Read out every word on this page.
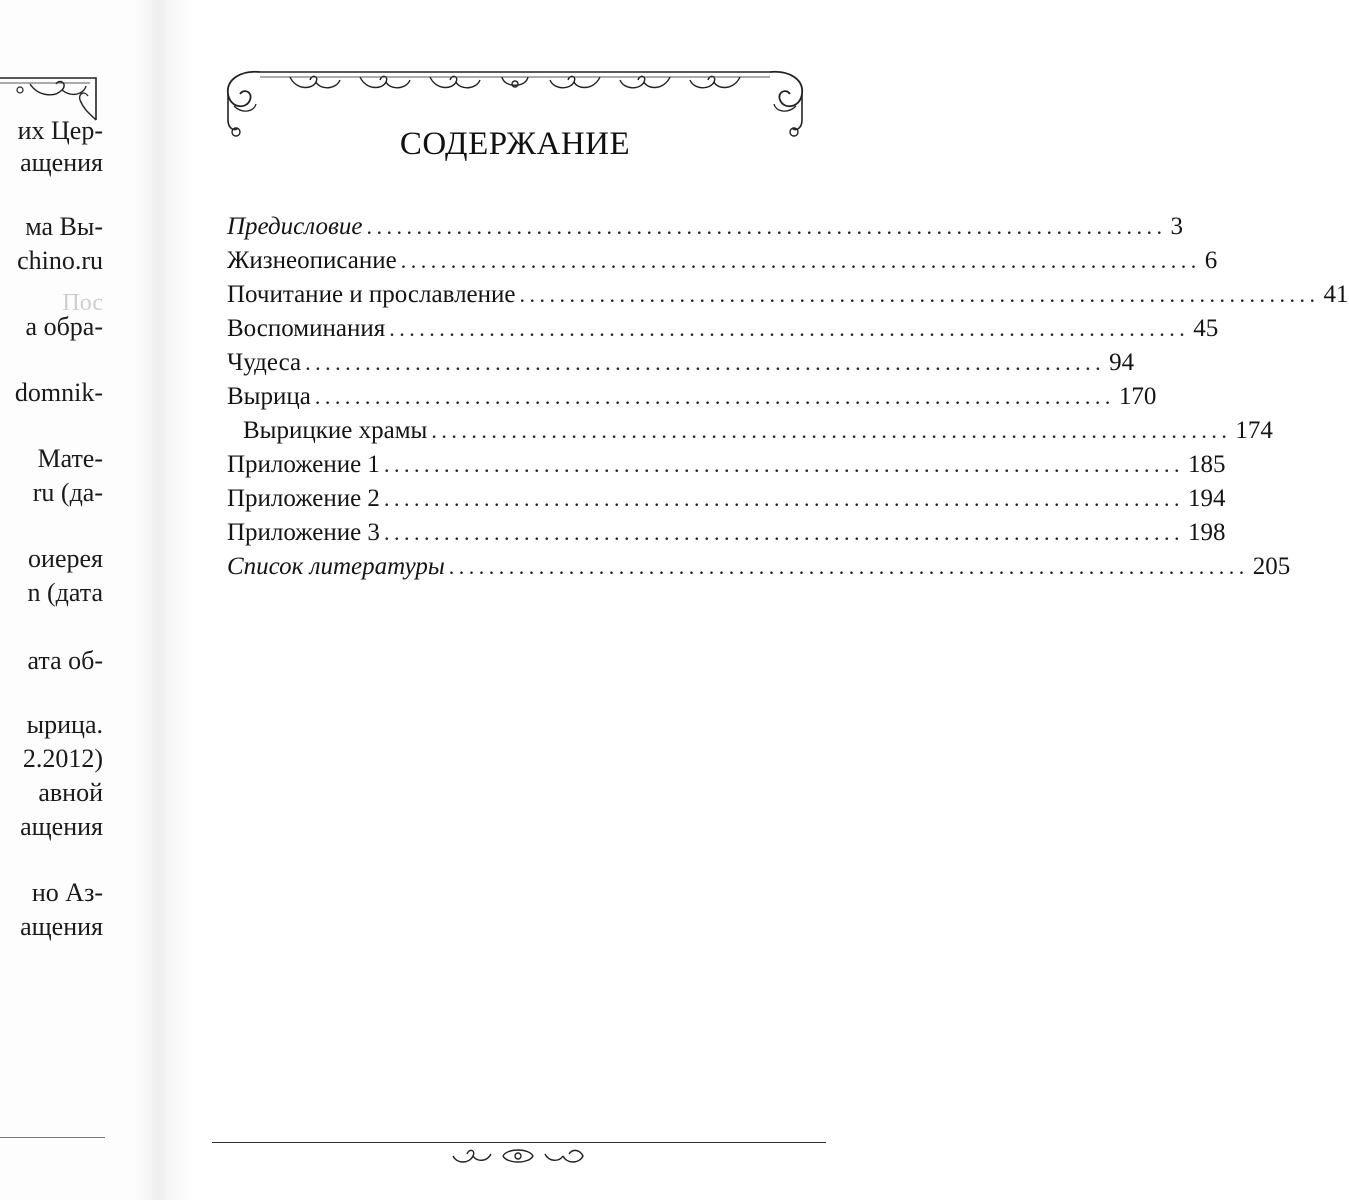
их Цер-
ащения
ма Вы-
chino.ru
а обра-
domnik-
Мате-
ru (да-
оиерея
n (дата
ата об-
ырица.
2.2012)
авной
ащения
но Аз-
ащения
Пос
СОДЕРЖАНИЕ
Предисловие ................................................................................ 3
Жизнеописание ................................................................................ 6
Почитание и прославление ................................................................................ 41
Воспоминания ................................................................................ 45
Чудеса ................................................................................ 94
Вырица ................................................................................ 170
Вырицкие храмы ................................................................................ 174
Приложение 1 ................................................................................ 185
Приложение 2 ................................................................................ 194
Приложение 3 ................................................................................ 198
Список литературы ................................................................................ 205
